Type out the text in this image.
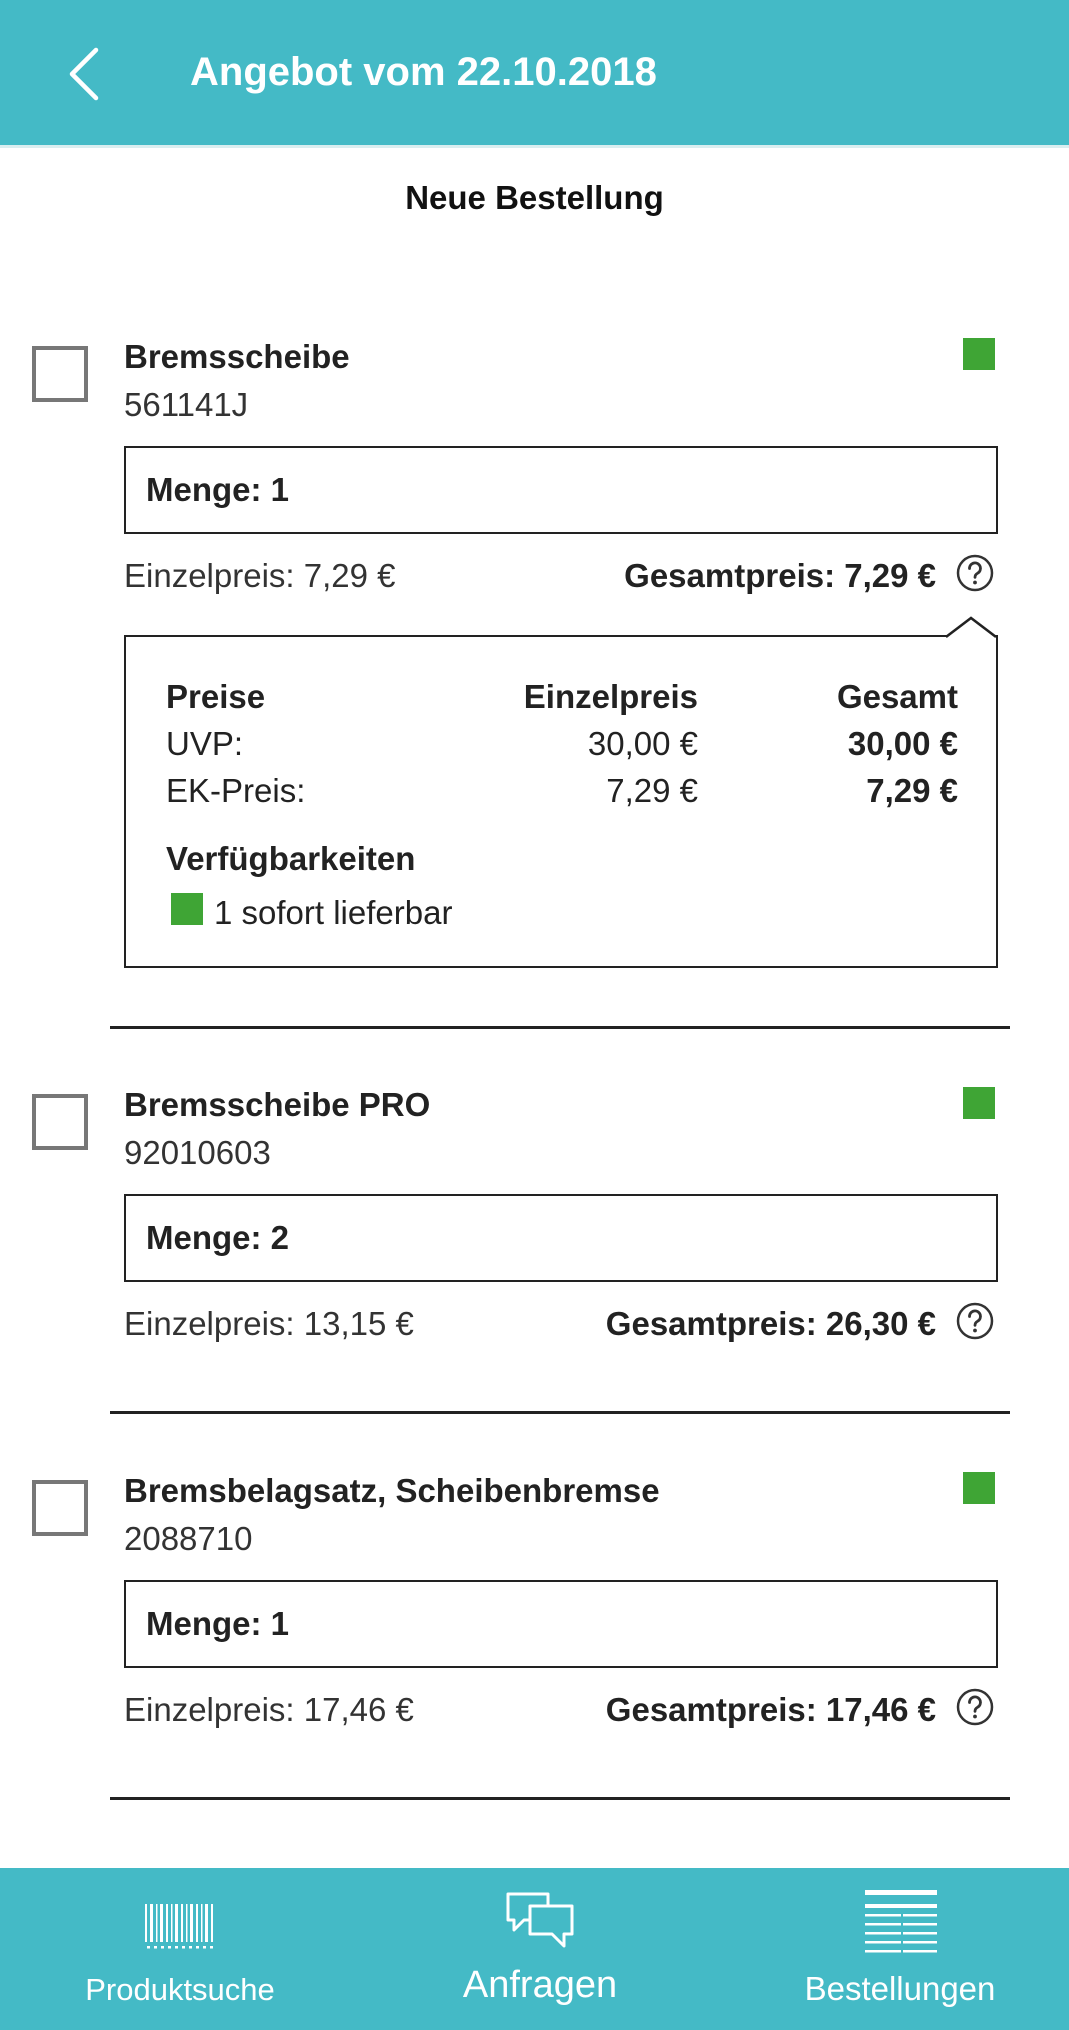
Angebot vom 22.10.2018
Neue Bestellung
Bremsscheibe
561141J
Menge: 1
Einzelpreis: 7,29 €	Gesamtpreis: 7,29 €
Preise	Einzelpreis	Gesamt
UVP:	30,00 €	30,00 €
EK-Preis:	7,29 €	7,29 €
Verfügbarkeiten
1 sofort lieferbar
Bremsscheibe PRO
92010603
Menge: 2
Einzelpreis: 13,15 €	Gesamtpreis: 26,30 €
Bremsbelagsatz, Scheibenbremse
2088710
Menge: 1
Einzelpreis: 17,46 €	Gesamtpreis: 17,46 €
Produktsuche	Anfragen	Bestellungen
